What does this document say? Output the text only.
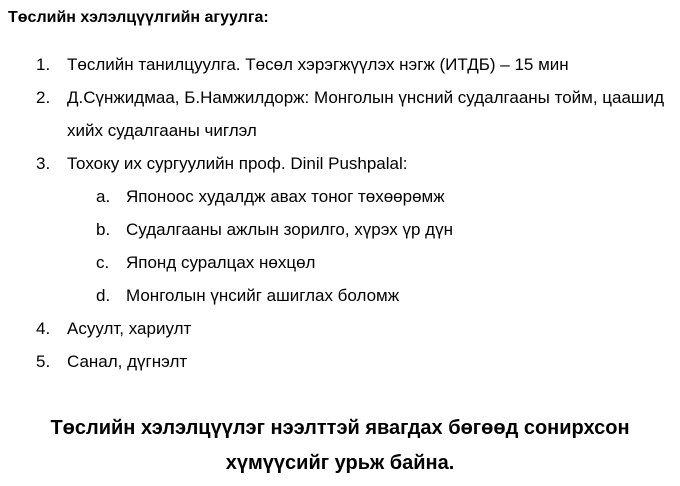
Төслийн хэлэлцүүлгийн агуулга:
1. Төслийн танилцуулга. Төсөл хэрэгжүүлэх нэгж (ИТДБ) – 15 мин
2. Д.Сүнжидмаа, Б.Намжилдорж: Монголын үнсний судалгааны тойм, цаашид хийх судалгааны чиглэл
3. Тохоку их сургуулийн проф. Dinil Pushpalal:
a. Японоос худалдж авах тоног төхөөрөмж
b. Судалгааны ажлын зорилго, хүрэх үр дүн
c. Японд суралцах нөхцөл
d. Монголын үнсийг ашиглах боломж
4. Асуулт, хариулт
5. Санал, дүгнэлт
Төслийн хэлэлцүүлэг нээлттэй явагдах бөгөөд сонирхсон
хүмүүсийг урьж байна.
